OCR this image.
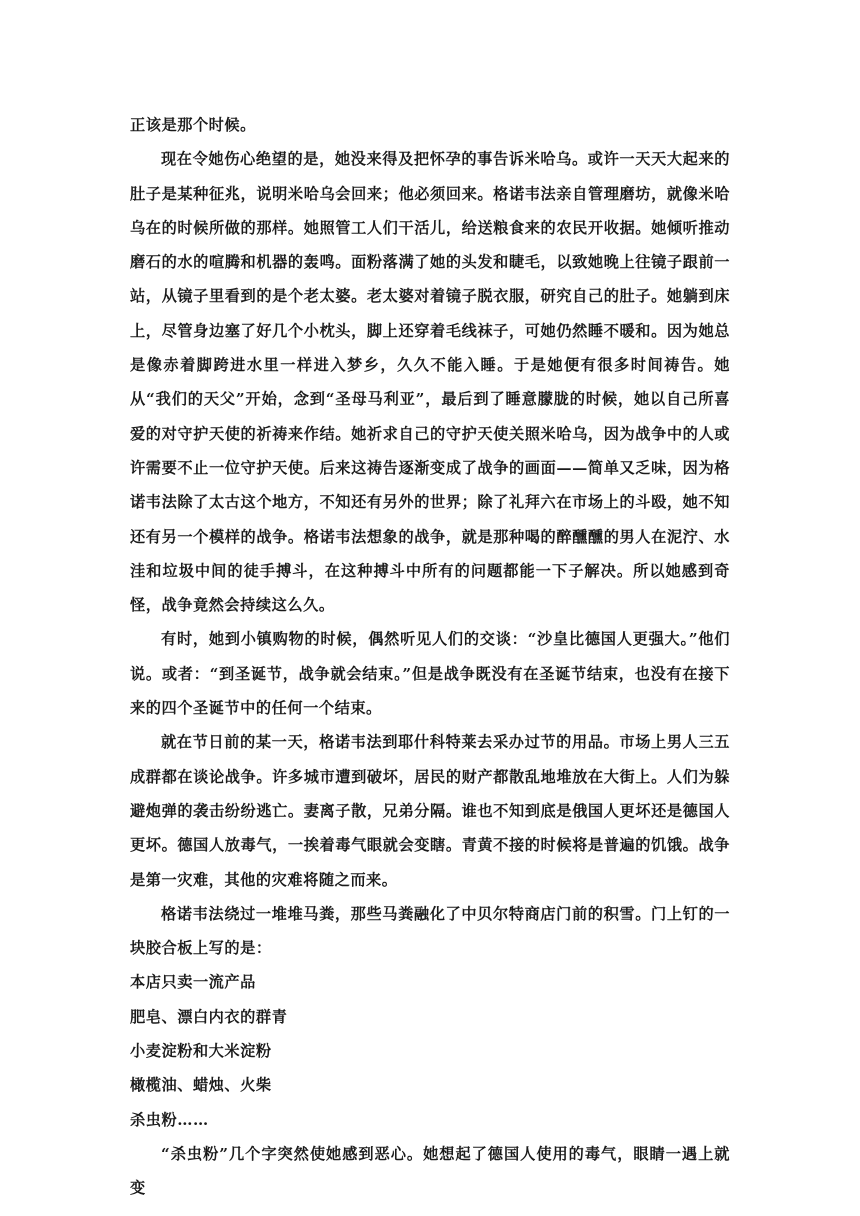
正该是那个时候。

现在令她伤心绝望的是，她没来得及把怀孕的事告诉米哈乌。或许一天天大起来的肚子是某种征兆，说明米哈乌会回来；他必须回来。格诺韦法亲自管理磨坊，就像米哈乌在的时候所做的那样。她照管工人们干活儿，给送粮食来的农民开收据。她倾听推动磨石的水的喧腾和机器的轰鸣。面粉落满了她的头发和睫毛，以致她晚上往镜子跟前一站，从镜子里看到的是个老太婆。老太婆对着镜子脱衣服，研究自己的肚子。她躺到床上，尽管身边塞了好几个小枕头，脚上还穿着毛线袜子，可她仍然睡不暖和。因为她总是像赤着脚跨进水里一样进入梦乡，久久不能入睡。于是她便有很多时间祷告。她从“我们的天父”开始，念到“圣母马利亚”，最后到了睡意朦胧的时候，她以自己所喜爱的对守护天使的祈祷来作结。她祈求自己的守护天使关照米哈乌，因为战争中的人或许需要不止一位守护天使。后来这祷告逐渐变成了战争的画面——简单又乏味，因为格诺韦法除了太古这个地方，不知还有另外的世界；除了礼拜六在市场上的斗殴，她不知还有另一个模样的战争。格诺韦法想象的战争，就是那种喝的醉醺醺的男人在泥泞、水洼和垃圾中间的徒手搏斗，在这种搏斗中所有的问题都能一下子解决。所以她感到奇怪，战争竟然会持续这么久。

有时，她到小镇购物的时候，偶然听见人们的交谈：“沙皇比德国人更强大。”他们说。或者：“到圣诞节，战争就会结束。”但是战争既没有在圣诞节结束，也没有在接下来的四个圣诞节中的任何一个结束。

就在节日前的某一天，格诺韦法到耶什科特莱去采办过节的用品。市场上男人三五成群都在谈论战争。许多城市遭到破坏，居民的财产都散乱地堆放在大街上。人们为躲避炮弹的袭击纷纷逃亡。妻离子散，兄弟分隔。谁也不知到底是俄国人更坏还是德国人更坏。德国人放毒气，一挨着毒气眼就会变瞎。青黄不接的时候将是普遍的饥饿。战争是第一灾难，其他的灾难将随之而来。

格诺韦法绕过一堆堆马粪，那些马粪融化了中贝尔特商店门前的积雪。门上钉的一块胶合板上写的是：

本店只卖一流产品

肥皂、漂白内衣的群青

小麦淀粉和大米淀粉

橄榄油、蜡烛、火柴

杀虫粉……

“杀虫粉”几个字突然使她感到恶心。她想起了德国人使用的毒气，眼睛一遇上就变
